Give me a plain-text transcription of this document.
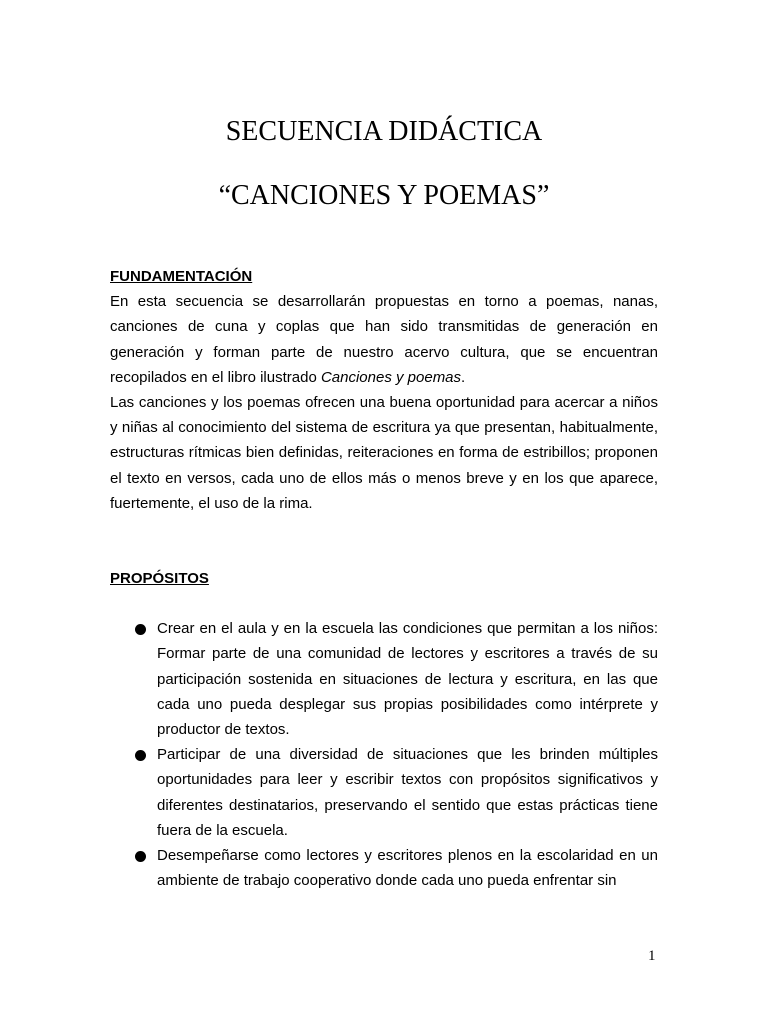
SECUENCIA DIDÁCTICA
“CANCIONES Y POEMAS”

FUNDAMENTACIÓN

En esta secuencia se desarrollarán propuestas en torno a poemas, nanas, canciones de cuna y coplas que han sido transmitidas de generación en generación y forman parte de nuestro acervo cultura, que se encuentran recopilados en el libro ilustrado Canciones y poemas.

Las canciones y los poemas ofrecen una buena oportunidad para acercar a niños y niñas al conocimiento del sistema de escritura ya que presentan, habitualmente, estructuras rítmicas bien definidas, reiteraciones en forma de estribillos; proponen el texto en versos, cada uno de ellos más o menos breve y en los que aparece, fuertemente, el uso de la rima.

PROPÓSITOS

Crear en el aula y en la escuela las condiciones que permitan a los niños: Formar parte de una comunidad de lectores y escritores a través de su participación sostenida en situaciones de lectura y escritura, en las que cada uno pueda desplegar sus propias posibilidades como intérprete y productor de textos.
Participar de una diversidad de situaciones que les brinden múltiples oportunidades para leer y escribir textos con propósitos significativos y diferentes destinatarios, preservando el sentido que estas prácticas tiene fuera de la escuela.
Desempeñarse como lectores y escritores plenos en la escolaridad en un ambiente de trabajo cooperativo donde cada uno pueda enfrentar sin
1
